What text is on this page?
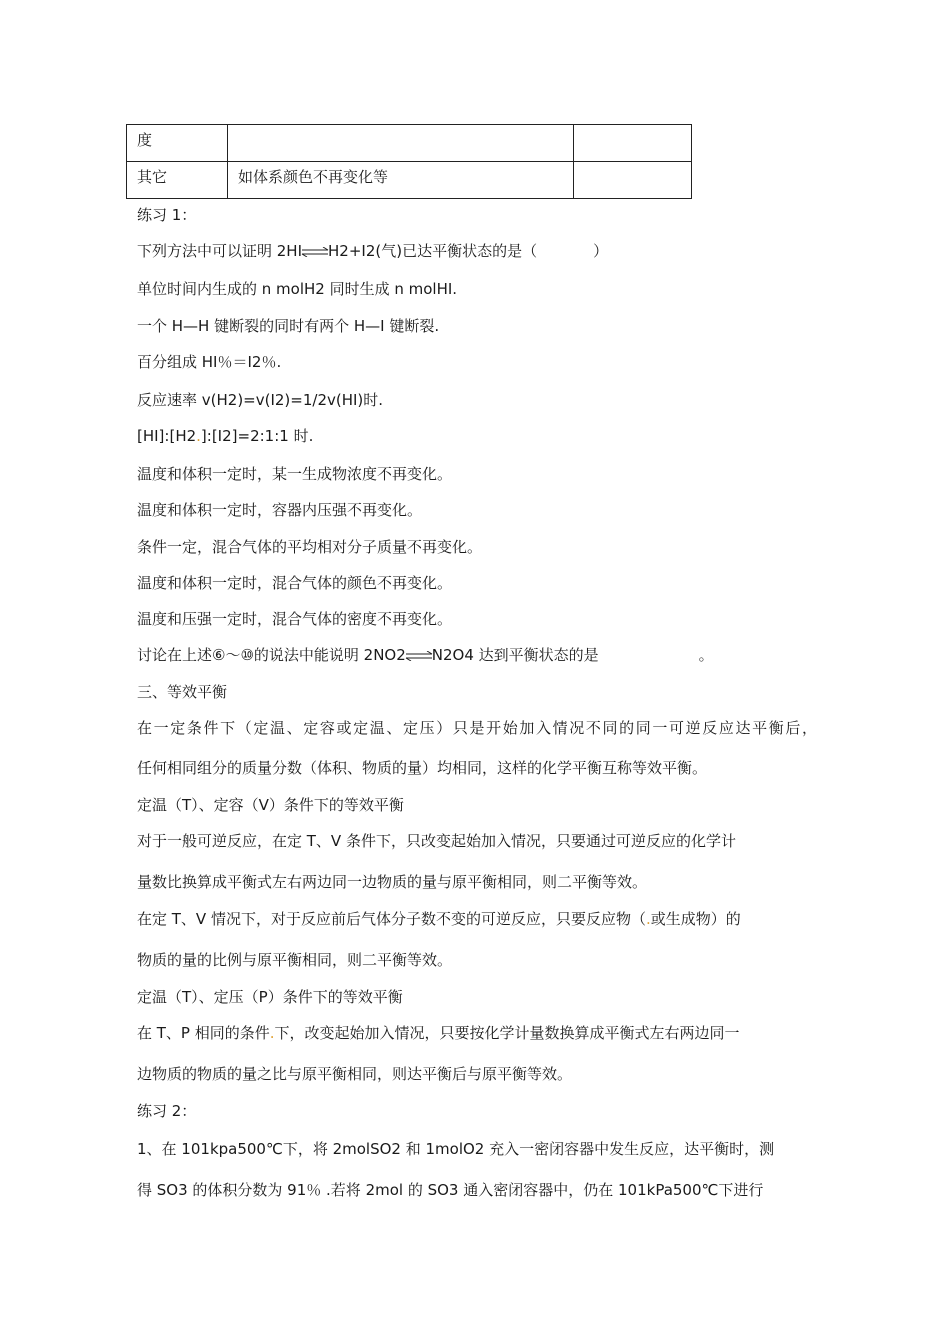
度		
其它	如体系颜色不再变化等	
练习 1：
下列方法中可以证明 2HI⇌H2+I2(气)已达平衡状态的是（	）
单位时间内生成的 n molH2 同时生成 n molHI.
一个 H—H 键断裂的同时有两个 H—I 键断裂.
百分组成 HI％＝I2％.
反应速率 v(H2)=v(I2)=1/2v(HI)时.
[HI]:[H2.]:[I2]=2:1:1 时.
温度和体积一定时，某一生成物浓度不再变化。
温度和体积一定时，容器内压强不再变化。
条件一定，混合气体的平均相对分子质量不再变化。
温度和体积一定时，混合气体的颜色不再变化。
温度和压强一定时，混合气体的密度不再变化。
讨论在上述⑥～⑩的说法中能说明 2NO2⇌N2O4 达到平衡状态的是	。
三、等效平衡
在一定条件下（定温、定容或定温、定压）只是开始加入情况不同的同一可逆反应达平衡后，
任何相同组分的质量分数（体积、物质的量）均相同，这样的化学平衡互称等效平衡。
定温（T）、定容（V）条件下的等效平衡
对于一般可逆反应，在定 T、V 条件下，只改变起始加入情况，只要通过可逆反应的化学计
量数比换算成平衡式左右两边同一边物质的量与原平衡相同，则二平衡等效。
在定 T、V 情况下，对于反应前后气体分子数不变的可逆反应，只要反应物（.或生成物）的
物质的量的比例与原平衡相同，则二平衡等效。
定温（T）、定压（P）条件下的等效平衡
在 T、P 相同的条件.下，改变起始加入情况，只要按化学计量数换算成平衡式左右两边同一
边物质的物质的量之比与原平衡相同，则达平衡后与原平衡等效。
练习 2：
1、在 101kpa500℃下，将 2molSO2 和 1molO2 充入一密闭容器中发生反应，达平衡时，测
得 SO3 的体积分数为 91％ .若将 2mol 的 SO3 通入密闭容器中，仍在 101kPa500℃下进行
